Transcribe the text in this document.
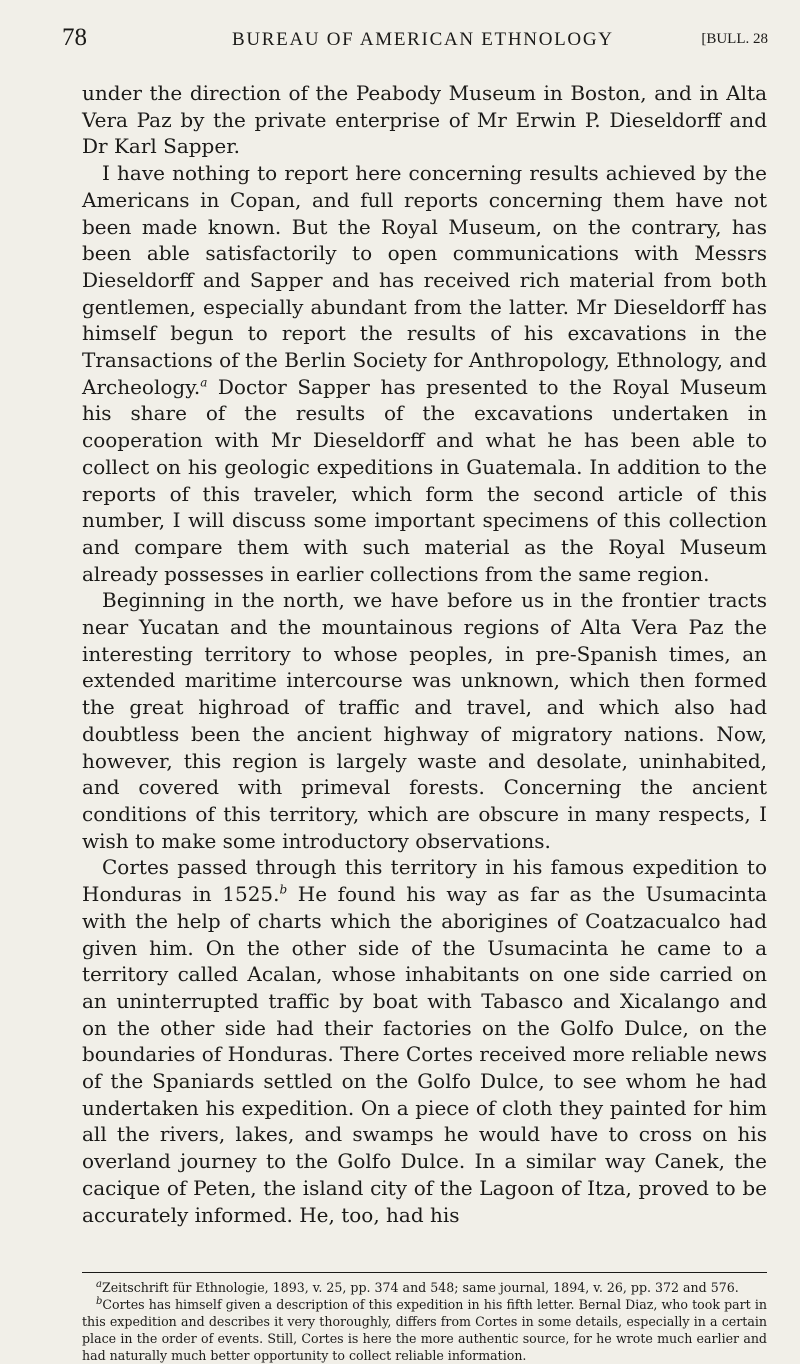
78	BUREAU OF AMERICAN ETHNOLOGY	[BULL. 28

under the direction of the Peabody Museum in Boston, and in Alta Vera Paz by the private enterprise of Mr Erwin P. Dieseldorff and Dr Karl Sapper.

I have nothing to report here concerning results achieved by the Americans in Copan, and full reports concerning them have not been made known. But the Royal Museum, on the contrary, has been able satisfactorily to open communications with Messrs Dieseldorff and Sapper and has received rich material from both gentlemen, especially abundant from the latter. Mr Dieseldorff has himself begun to report the results of his excavations in the Transactions of the Berlin Society for Anthropology, Ethnology, and Archeology.$^a$ Doctor Sapper has presented to the Royal Museum his share of the results of the excavations undertaken in cooperation with Mr Dieseldorff and what he has been able to collect on his geologic expeditions in Guatemala. In addition to the reports of this traveler, which form the second article of this number, I will discuss some important specimens of this collection and compare them with such material as the Royal Museum already possesses in earlier collections from the same region.

Beginning in the north, we have before us in the frontier tracts near Yucatan and the mountainous regions of Alta Vera Paz the interesting territory to whose peoples, in pre-Spanish times, an extended maritime intercourse was unknown, which then formed the great highroad of traffic and travel, and which also had doubtless been the ancient highway of migratory nations. Now, however, this region is largely waste and desolate, uninhabited, and covered with primeval forests. Concerning the ancient conditions of this territory, which are obscure in many respects, I wish to make some introductory observations.

Cortes passed through this territory in his famous expedition to Honduras in 1525.$^b$ He found his way as far as the Usumacinta with the help of charts which the aborigines of Coatzacualco had given him. On the other side of the Usumacinta he came to a territory called Acalan, whose inhabitants on one side carried on an uninterrupted traffic by boat with Tabasco and Xicalango and on the other side had their factories on the Golfo Dulce, on the boundaries of Honduras. There Cortes received more reliable news of the Spaniards settled on the Golfo Dulce, to see whom he had undertaken his expedition. On a piece of cloth they painted for him all the rivers, lakes, and swamps he would have to cross on his overland journey to the Golfo Dulce. In a similar way Canek, the cacique of Peten, the island city of the Lagoon of Itza, proved to be accurately informed. He, too, had his

$^a$Zeitschrift für Ethnologie, 1893, v. 25, pp. 374 and 548; same journal, 1894, v. 26, pp. 372 and 576.

$^b$Cortes has himself given a description of this expedition in his fifth letter. Bernal Diaz, who took part in this expedition and describes it very thoroughly, differs from Cortes in some details, especially in a certain place in the order of events. Still, Cortes is here the more authentic source, for he wrote much earlier and had naturally much better opportunity to collect reliable information.
